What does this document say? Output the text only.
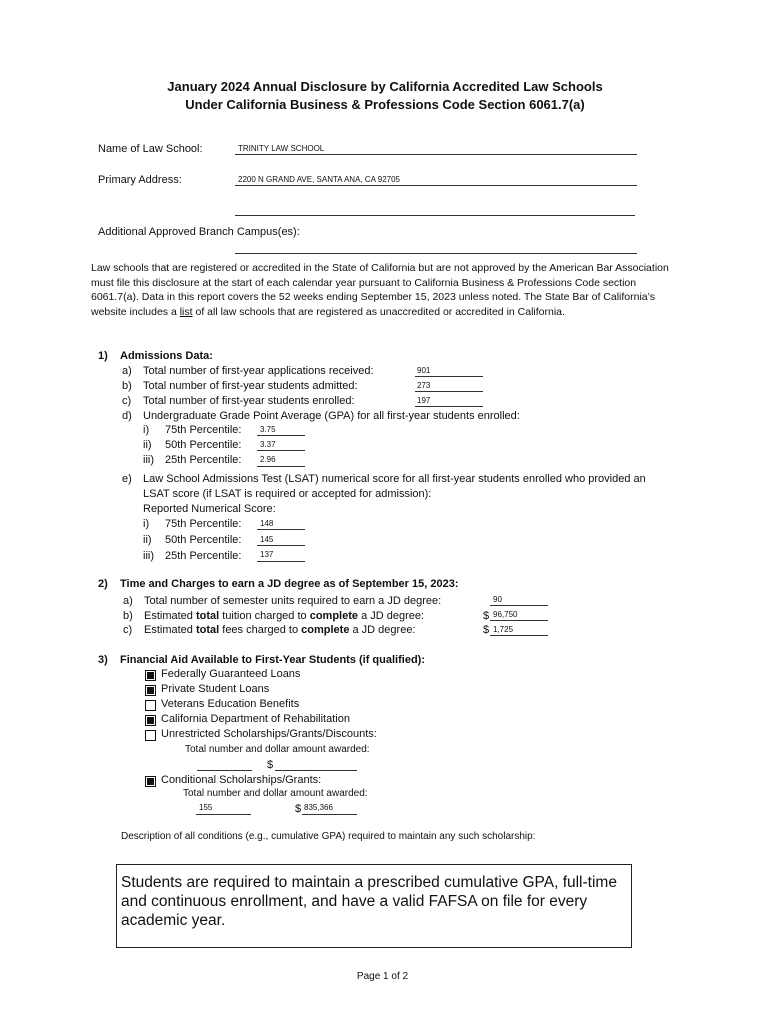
January 2024 Annual Disclosure by California Accredited Law Schools
Under California Business & Professions Code Section 6061.7(a)
Name of Law School:	TRINITY LAW SCHOOL
Primary Address:	2200 N GRAND AVE, SANTA ANA, CA 92705
Additional Approved Branch Campus(es):
Law schools that are registered or accredited in the State of California but are not approved by the American Bar Association must file this disclosure at the start of each calendar year pursuant to California Business & Professions Code section 6061.7(a). Data in this report covers the 52 weeks ending September 15, 2023 unless noted. The State Bar of California’s website includes a list of all law schools that are registered as unaccredited or accredited in California.
1) Admissions Data:
a) Total number of first-year applications received:	901
b) Total number of first-year students admitted:	273
c) Total number of first-year students enrolled:	197
d) Undergraduate Grade Point Average (GPA) for all first-year students enrolled:
i) 75th Percentile: 3.75
ii) 50th Percentile: 3.37
iii) 25th Percentile: 2.96
e) Law School Admissions Test (LSAT) numerical score for all first-year students enrolled who provided an
LSAT score (if LSAT is required or accepted for admission):
Reported Numerical Score:
i) 75th Percentile: 148
ii) 50th Percentile: 145
iii) 25th Percentile: 137
2) Time and Charges to earn a JD degree as of September 15, 2023:
a) Total number of semester units required to earn a JD degree:	90
b) Estimated total tuition charged to complete a JD degree:	$ 96,750
c) Estimated total fees charged to complete a JD degree:	$ 1,725
3) Financial Aid Available to First-Year Students (if qualified):
Federally Guaranteed Loans
Private Student Loans
Veterans Education Benefits
California Department of Rehabilitation
Unrestricted Scholarships/Grants/Discounts:
Total number and dollar amount awarded:
$
Conditional Scholarships/Grants:
Total number and dollar amount awarded:
155	$ 835,366
Description of all conditions (e.g., cumulative GPA) required to maintain any such scholarship:

Students are required to maintain a prescribed cumulative GPA, full-time and continuous enrollment, and have a valid FAFSA on file for every academic year.

Page 1 of 2
